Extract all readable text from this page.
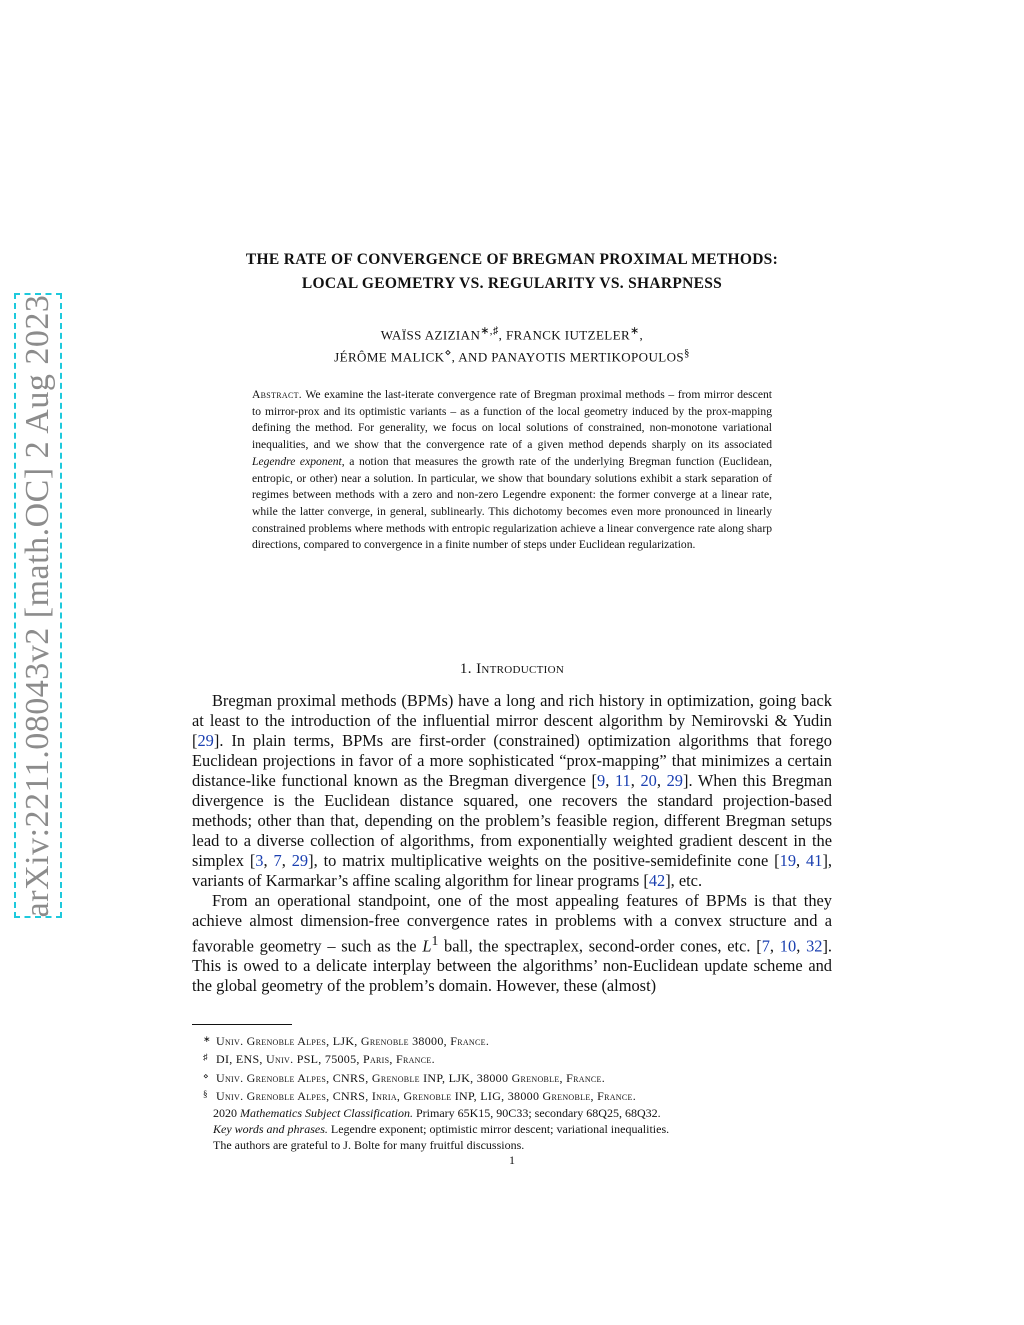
arXiv:2211.08043v2 [math.OC] 2 Aug 2023
THE RATE OF CONVERGENCE OF BREGMAN PROXIMAL METHODS:
LOCAL GEOMETRY VS. REGULARITY VS. SHARPNESS
WAÏSS AZIZIAN∗,♯, FRANCK IUTZELER∗,
JÉRÔME MALICK⋄, AND PANAYOTIS MERTIKOPOULOS§
Abstract. We examine the last-iterate convergence rate of Bregman proximal methods – from mirror descent to mirror-prox and its optimistic variants – as a function of the local geometry induced by the prox-mapping defining the method. For generality, we focus on local solutions of constrained, non-monotone variational inequalities, and we show that the convergence rate of a given method depends sharply on its associated Legendre exponent, a notion that measures the growth rate of the underlying Bregman function (Euclidean, entropic, or other) near a solution. In particular, we show that boundary solutions exhibit a stark separation of regimes between methods with a zero and non-zero Legendre exponent: the former converge at a linear rate, while the latter converge, in general, sublinearly. This dichotomy becomes even more pronounced in linearly constrained problems where methods with entropic regularization achieve a linear convergence rate along sharp directions, compared to convergence in a finite number of steps under Euclidean regularization.
1. Introduction

Bregman proximal methods (BPMs) have a long and rich history in optimization, going back at least to the introduction of the influential mirror descent algorithm by Nemirovski & Yudin [29]. In plain terms, BPMs are first-order (constrained) optimization algorithms that forego Euclidean projections in favor of a more sophisticated “prox-mapping” that minimizes a certain distance-like functional known as the Bregman divergence [9, 11, 20, 29]. When this Bregman divergence is the Euclidean distance squared, one recovers the standard projection-based methods; other than that, depending on the problem’s feasible region, different Bregman setups lead to a diverse collection of algorithms, from exponentially weighted gradient descent in the simplex [3, 7, 29], to matrix multiplicative weights on the positive-semidefinite cone [19, 41], variants of Karmarkar’s affine scaling algorithm for linear programs [42], etc.

From an operational standpoint, one of the most appealing features of BPMs is that they achieve almost dimension-free convergence rates in problems with a convex structure and a favorable geometry – such as the $L^1$ ball, the spectraplex, second-order cones, etc. [7, 10, 32]. This is owed to a delicate interplay between the algorithms’ non-Euclidean update scheme and the global geometry of the problem’s domain. However, these (almost)

∗ Univ. Grenoble Alpes, LJK, Grenoble 38000, France.
♯ DI, ENS, Univ. PSL, 75005, Paris, France.
⋄ Univ. Grenoble Alpes, CNRS, Grenoble INP, LJK, 38000 Grenoble, France.
§ Univ. Grenoble Alpes, CNRS, Inria, Grenoble INP, LIG, 38000 Grenoble, France.
2020 Mathematics Subject Classification. Primary 65K15, 90C33; secondary 68Q25, 68Q32.
Key words and phrases. Legendre exponent; optimistic mirror descent; variational inequalities.
The authors are grateful to J. Bolte for many fruitful discussions.
1
